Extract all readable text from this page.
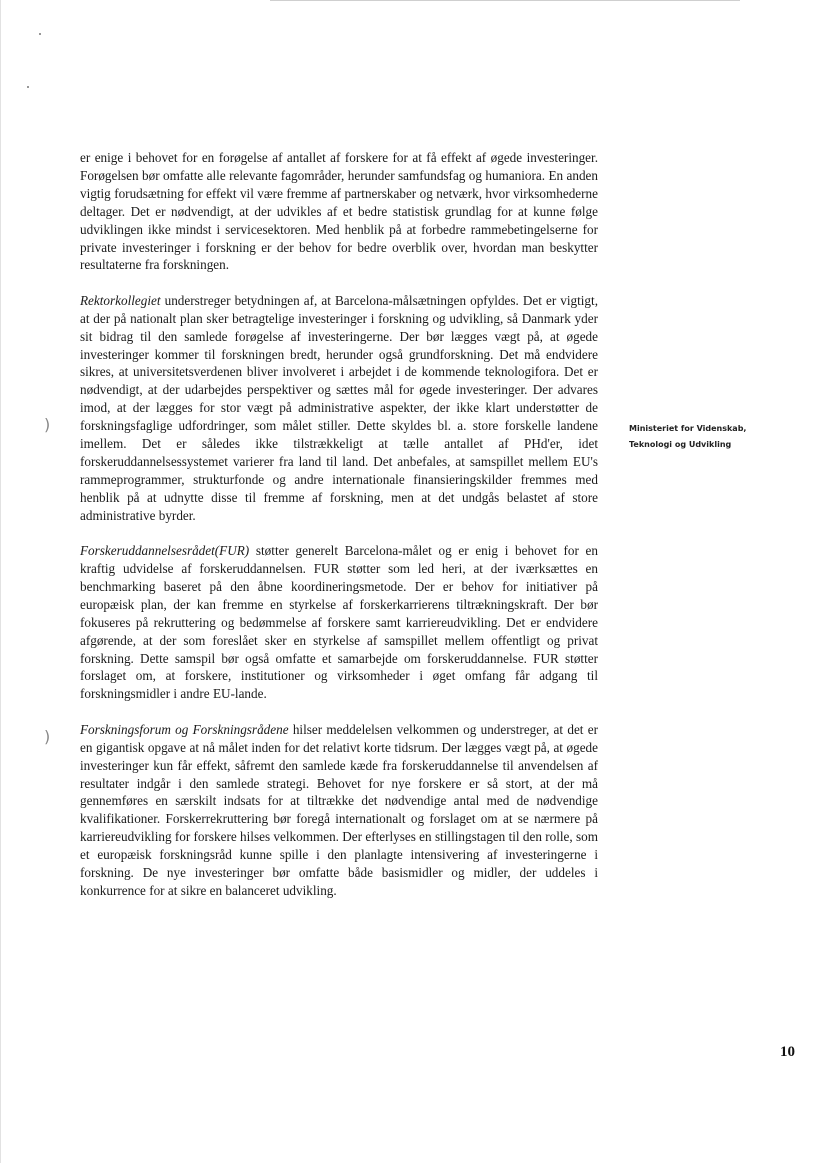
)
)

er enige i behovet for en forøgelse af antallet af forskere for at få effekt af øgede investeringer. Forøgelsen bør omfatte alle relevante fagområder, herunder samfundsfag og humaniora. En anden vigtig forudsætning for effekt vil være fremme af partnerskaber og netværk, hvor virksomhederne deltager. Det er nødvendigt, at der udvikles af et bedre statistisk grundlag for at kunne følge udviklingen ikke mindst i servicesektoren. Med henblik på at forbedre rammebetingelserne for private investeringer i forskning er der behov for bedre overblik over, hvordan man beskytter resultaterne fra forskningen.

Rektorkollegiet understreger betydningen af, at Barcelona-målsætningen opfyldes. Det er vigtigt, at der på nationalt plan sker betragtelige investeringer i forskning og udvikling, så Danmark yder sit bidrag til den samlede forøgelse af investeringerne. Der bør lægges vægt på, at øgede investeringer kommer til forskningen bredt, herunder også grundforskning. Det må endvidere sikres, at universitetsverdenen bliver involveret i arbejdet i de kommende teknologifora. Det er nødvendigt, at der udarbejdes perspektiver og sættes mål for øgede investeringer. Der advares imod, at der lægges for stor vægt på administrative aspekter, der ikke klart understøtter de forskningsfaglige udfordringer, som målet stiller. Dette skyldes bl. a. store forskelle landene imellem. Det er således ikke tilstrækkeligt at tælle antallet af PHd'er, idet forskeruddannelsessystemet varierer fra land til land. Det anbefales, at samspillet mellem EU's rammeprogrammer, strukturfonde og andre internationale finansieringskilder fremmes med henblik på at udnytte disse til fremme af forskning, men at det undgås belastet af store administrative byrder.

Forskeruddannelsesrådet(FUR) støtter generelt Barcelona-målet og er enig i behovet for en kraftig udvidelse af forskeruddannelsen. FUR støtter som led heri, at der iværksættes en benchmarking baseret på den åbne koordineringsmetode. Der er behov for initiativer på europæisk plan, der kan fremme en styrkelse af forskerkarrierens tiltrækningskraft. Der bør fokuseres på rekruttering og bedømmelse af forskere samt karriereudvikling. Det er endvidere afgørende, at der som foreslået sker en styrkelse af samspillet mellem offentligt og privat forskning. Dette samspil bør også omfatte et samarbejde om forskeruddannelse. FUR støtter forslaget om, at forskere, institutioner og virksomheder i øget omfang får adgang til forskningsmidler i andre EU-lande.

Forskningsforum og Forskningsrådene hilser meddelelsen velkommen og understreger, at det er en gigantisk opgave at nå målet inden for det relativt korte tidsrum. Der lægges vægt på, at øgede investeringer kun får effekt, såfremt den samlede kæde fra forskeruddannelse til anvendelsen af resultater indgår i den samlede strategi. Behovet for nye forskere er så stort, at der må gennemføres en særskilt indsats for at tiltrække det nødvendige antal med de nødvendige kvalifikationer. Forskerrekruttering bør foregå internationalt og forslaget om at se nærmere på karriereudvikling for forskere hilses velkommen. Der efterlyses en stillingstagen til den rolle, som et europæisk forskningsråd kunne spille i den planlagte intensivering af investeringerne i forskning. De nye investeringer bør omfatte både basismidler og midler, der uddeles i konkurrence for at sikre en balanceret udvikling.

Ministeriet for Videnskab,
Teknologi og Udvikling
10
